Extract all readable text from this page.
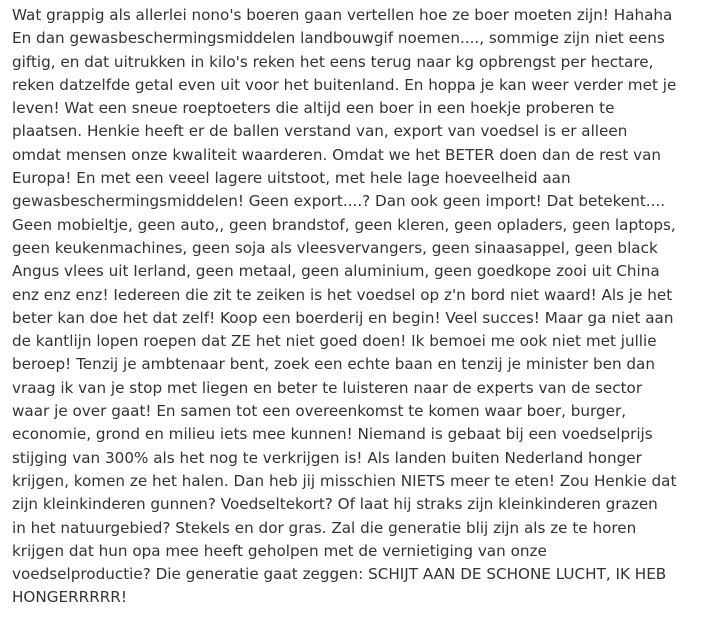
Wat grappig als allerlei nono's boeren gaan vertellen hoe ze boer moeten zijn! Hahaha
En dan gewasbeschermingsmiddelen landbouwgif noemen...., sommige zijn niet eens
giftig, en dat uitrukken in kilo's reken het eens terug naar kg opbrengst per hectare,
reken datzelfde getal even uit voor het buitenland. En hoppa je kan weer verder met je
leven! Wat een sneue roeptoeters die altijd een boer in een hoekje proberen te
plaatsen. Henkie heeft er de ballen verstand van, export van voedsel is er alleen
omdat mensen onze kwaliteit waarderen. Omdat we het BETER doen dan de rest van
Europa! En met een veeel lagere uitstoot, met hele lage hoeveelheid aan
gewasbeschermingsmiddelen! Geen export....? Dan ook geen import! Dat betekent....
Geen mobieltje, geen auto,, geen brandstof, geen kleren, geen opladers, geen laptops,
geen keukenmachines, geen soja als vleesvervangers, geen sinaasappel, geen black
Angus vlees uit Ierland, geen metaal, geen aluminium, geen goedkope zooi uit China
enz enz enz! Iedereen die zit te zeiken is het voedsel op z'n bord niet waard! Als je het
beter kan doe het dat zelf! Koop een boerderij en begin! Veel succes! Maar ga niet aan
de kantlijn lopen roepen dat ZE het niet goed doen! Ik bemoei me ook niet met jullie
beroep! Tenzij je ambtenaar bent, zoek een echte baan en tenzij je minister ben dan
vraag ik van je stop met liegen en beter te luisteren naar de experts van de sector
waar je over gaat! En samen tot een overeenkomst te komen waar boer, burger,
economie, grond en milieu iets mee kunnen! Niemand is gebaat bij een voedselprijs
stijging van 300% als het nog te verkrijgen is! Als landen buiten Nederland honger
krijgen, komen ze het halen. Dan heb jij misschien NIETS meer te eten! Zou Henkie dat
zijn kleinkinderen gunnen? Voedseltekort? Of laat hij straks zijn kleinkinderen grazen
in het natuurgebied? Stekels en dor gras. Zal die generatie blij zijn als ze te horen
krijgen dat hun opa mee heeft geholpen met de vernietiging van onze
voedselproductie? Die generatie gaat zeggen: SCHIJT AAN DE SCHONE LUCHT, IK HEB
HONGERRRRR!
